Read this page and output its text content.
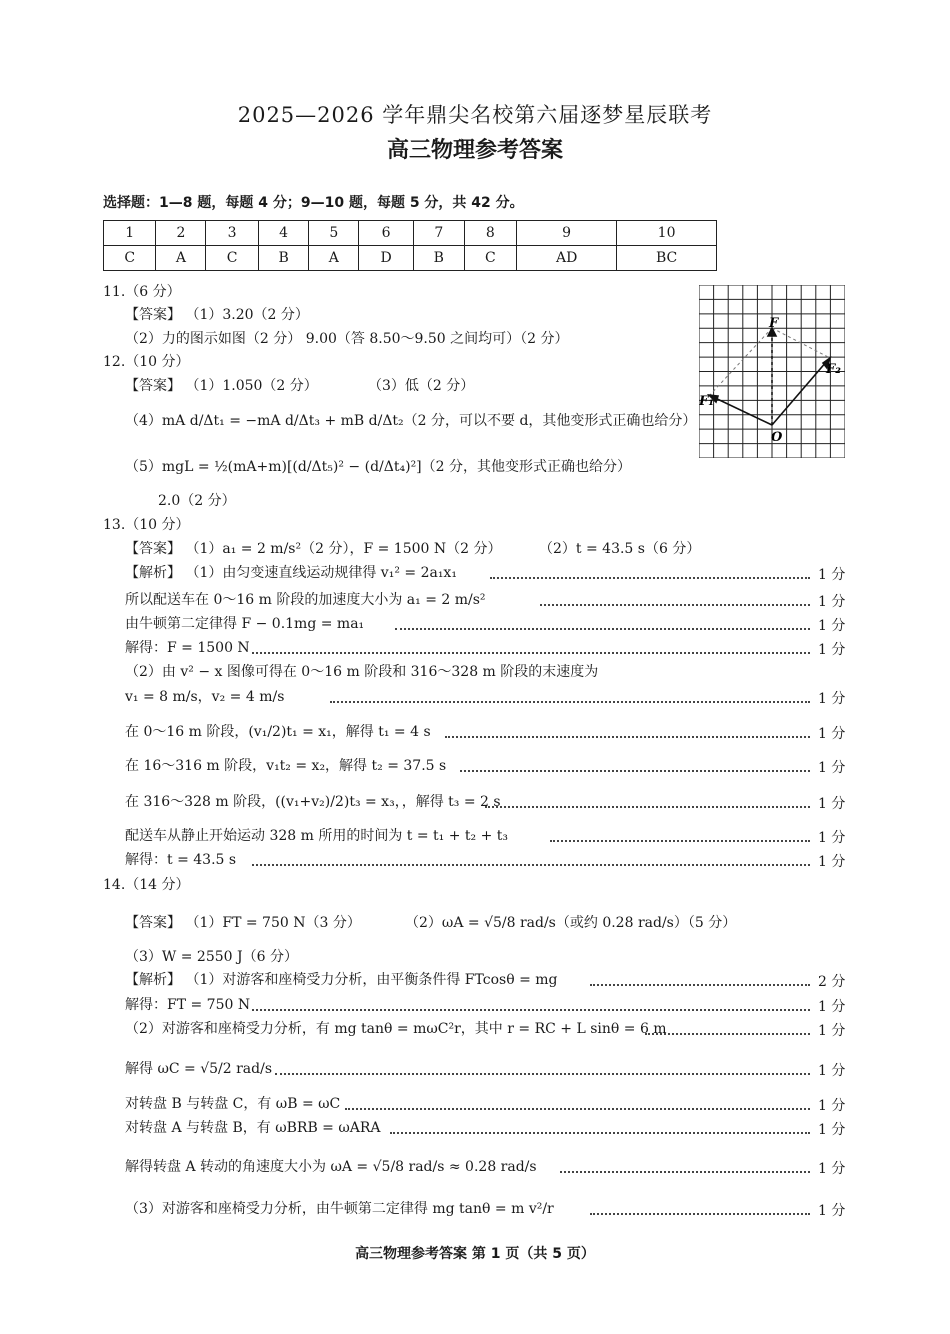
2025—2026 学年鼎尖名校第六届逐梦星辰联考
高三物理参考答案
选择题：1—8 题，每题 4 分；9—10 题，每题 5 分，共 42 分。
1	2	3	4	5	6	7	8	9	10
C	A	C	B	A	D	B	C	AD	BC
11.（6 分）
【答案】 （1）3.20（2 分）
（2）力的图示如图（2 分） 9.00（答 8.50～9.50 之间均可）（2 分）
F
F₁
F₂
O
12.（10 分）
【答案】 （1）1.050（2 分）	（3）低（2 分）
（4）mA d/Δt₁ = −mA d/Δt₃ + mB d/Δt₂（2 分，可以不要 d，其他变形式正确也给分）
（5）mgL = ½(mA+m)[(d/Δt₅)² − (d/Δt₄)²]（2 分，其他变形式正确也给分）
2.0（2 分）
13.（10 分）
【答案】 （1）a₁ = 2 m/s²（2 分），F = 1500 N（2 分）	（2）t = 43.5 s（6 分）
【解析】 （1）由匀变速直线运动规律得 v₁² = 2a₁x₁	1 分
所以配送车在 0～16 m 阶段的加速度大小为 a₁ = 2 m/s²	1 分
由牛顿第二定律得 F − 0.1mg = ma₁	1 分
解得：F = 1500 N	1 分
（2）由 v² − x 图像可得在 0～16 m 阶段和 316～328 m 阶段的末速度为
v₁ = 8 m/s，v₂ = 4 m/s	1 分
在 0～16 m 阶段，(v₁/2)t₁ = x₁，解得 t₁ = 4 s	1 分
在 16～316 m 阶段，v₁t₂ = x₂，解得 t₂ = 37.5 s	1 分
在 316～328 m 阶段，((v₁+v₂)/2)t₃ = x₃，，解得 t₃ = 2 s	1 分
配送车从静止开始运动 328 m 所用的时间为 t = t₁ + t₂ + t₃	1 分
解得：t = 43.5 s	1 分
14.（14 分）
【答案】 （1）FT = 750 N（3 分）	（2）ωA = √5/8 rad/s（或约 0.28 rad/s）（5 分）
（3）W = 2550 J（6 分）
【解析】 （1）对游客和座椅受力分析，由平衡条件得 FTcosθ = mg	2 分
解得：FT = 750 N	1 分
（2）对游客和座椅受力分析，有 mg tanθ = mωC²r，其中 r = RC + L sinθ = 6 m	1 分
解得 ωC = √5/2 rad/s	1 分
对转盘 B 与转盘 C，有 ωB = ωC	1 分
对转盘 A 与转盘 B，有 ωBRB = ωARA	1 分
解得转盘 A 转动的角速度大小为 ωA = √5/8 rad/s ≈ 0.28 rad/s	1 分
（3）对游客和座椅受力分析，由牛顿第二定律得 mg tanθ = m v²/r	1 分
高三物理参考答案 第 1 页（共 5 页）
